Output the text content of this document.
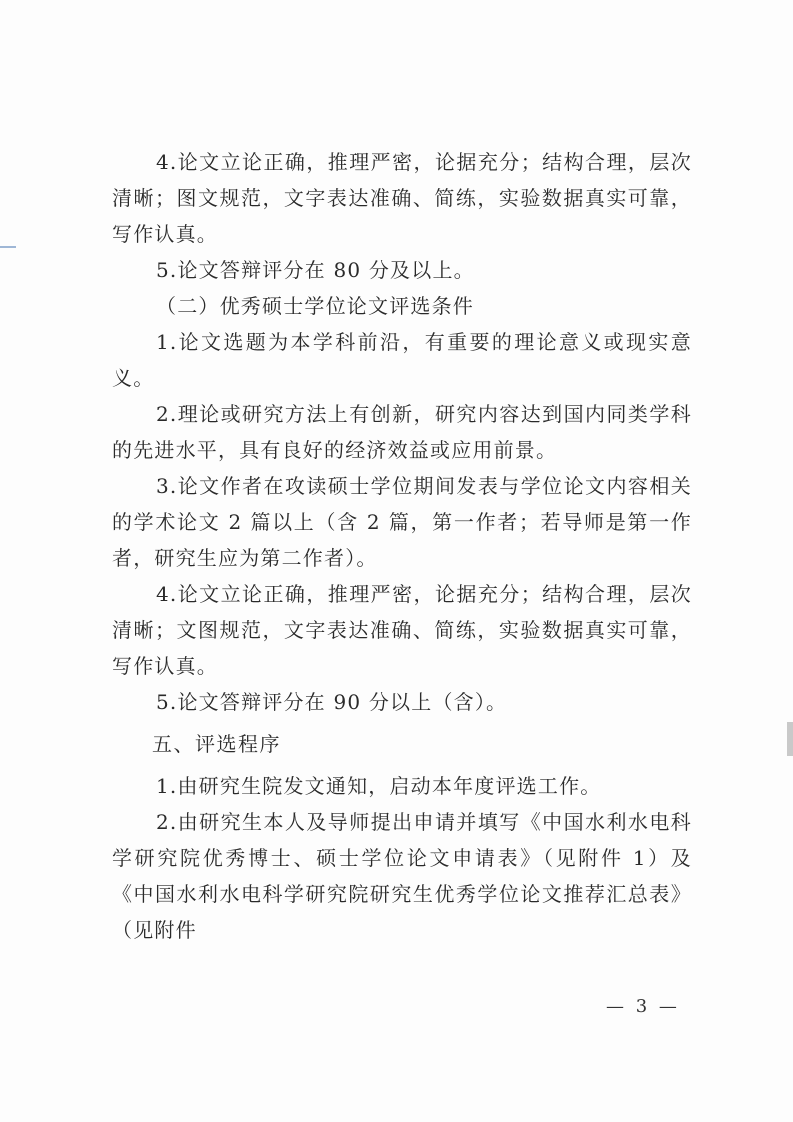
4.论文立论正确，推理严密，论据充分；结构合理，层次清晰；图文规范，文字表达准确、简练，实验数据真实可靠，写作认真。

5.论文答辩评分在 80 分及以上。

（二）优秀硕士学位论文评选条件

1.论文选题为本学科前沿，有重要的理论意义或现实意义。

2.理论或研究方法上有创新，研究内容达到国内同类学科的先进水平，具有良好的经济效益或应用前景。

3.论文作者在攻读硕士学位期间发表与学位论文内容相关的学术论文 2 篇以上（含 2 篇，第一作者；若导师是第一作者，研究生应为第二作者）。

4.论文立论正确，推理严密，论据充分；结构合理，层次清晰；文图规范，文字表达准确、简练，实验数据真实可靠，写作认真。

5.论文答辩评分在 90 分以上（含）。

五、评选程序

1.由研究生院发文通知，启动本年度评选工作。

2.由研究生本人及导师提出申请并填写《中国水利水电科学研究院优秀博士、硕士学位论文申请表》（见附件 1）及《中国水利水电科学研究院研究生优秀学位论文推荐汇总表》（见附件

— 3 —
